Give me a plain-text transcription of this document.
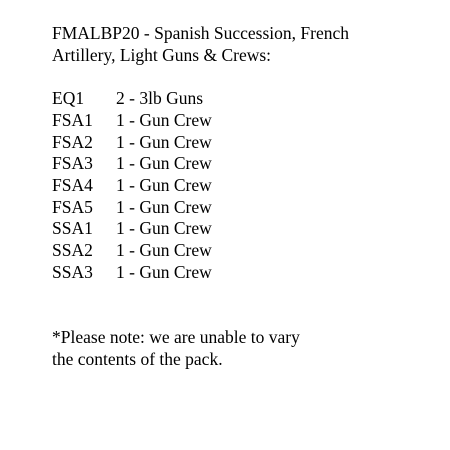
FMALBP20 - Spanish Succession, French
Artillery, Light Guns & Crews:
EQ1	2 - 3lb Guns
FSA1	1 - Gun Crew
FSA2	1 - Gun Crew
FSA3	1 - Gun Crew
FSA4	1 - Gun Crew
FSA5	1 - Gun Crew
SSA1	1 - Gun Crew
SSA2	1 - Gun Crew
SSA3	1 - Gun Crew
*Please note: we are unable to vary
the contents of the pack.
